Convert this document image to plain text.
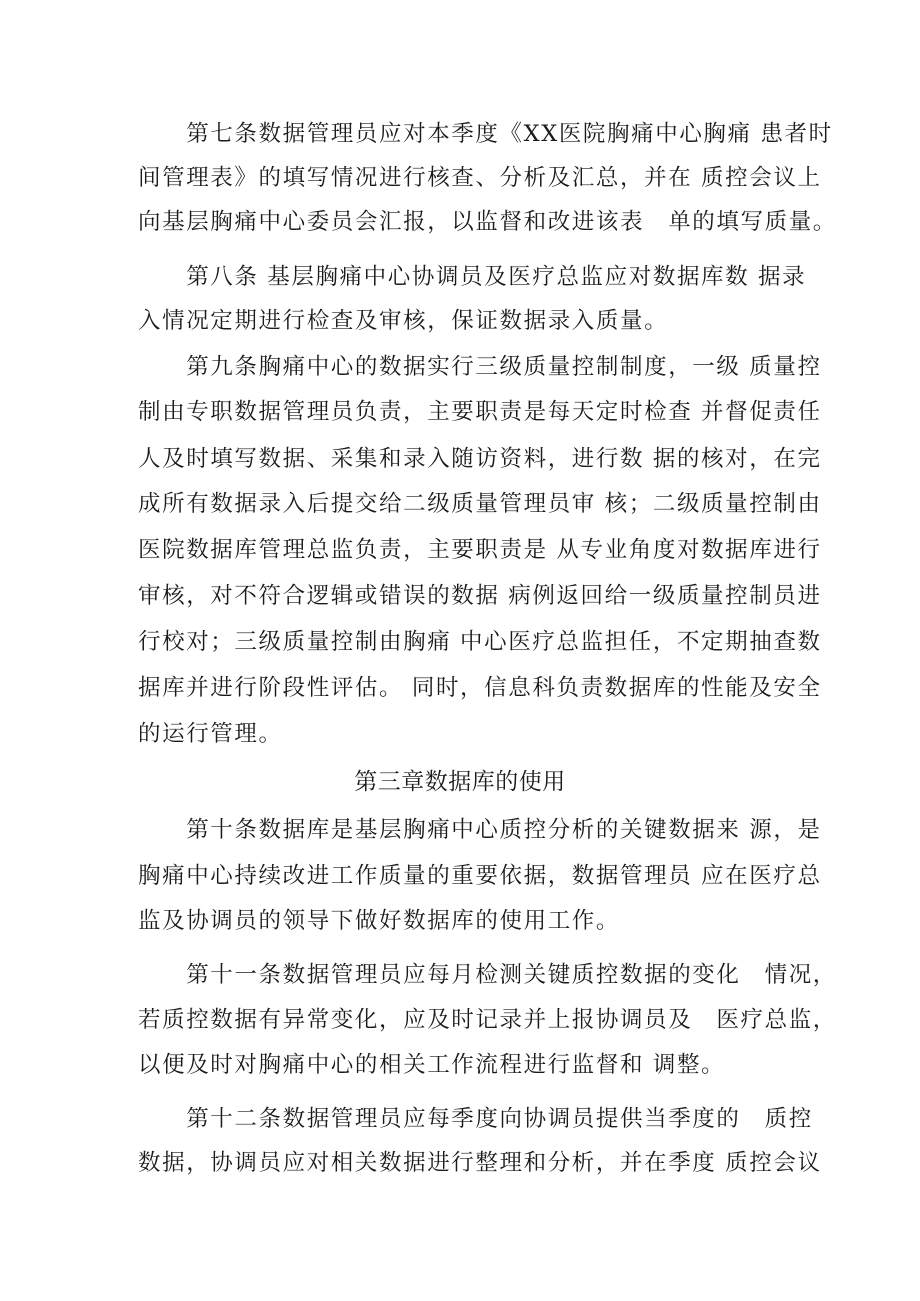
　　第七条数据管理员应对本季度《XX医院胸痛中心胸痛 患者时
间管理表》的填写情况进行核查、分析及汇总，并在 质控会议上
向基层胸痛中心委员会汇报，以监督和改进该表　单的填写质量。
　　第八条 基层胸痛中心协调员及医疗总监应对数据库数 据录
入情况定期进行检查及审核，保证数据录入质量。
　　第九条胸痛中心的数据实行三级质量控制制度，一级 质量控
制由专职数据管理员负责，主要职责是每天定时检查 并督促责任
人及时填写数据、采集和录入随访资料，进行数 据的核对，在完
成所有数据录入后提交给二级质量管理员审 核；二级质量控制由
医院数据库管理总监负责，主要职责是 从专业角度对数据库进行
审核，对不符合逻辑或错误的数据 病例返回给一级质量控制员进
行校对；三级质量控制由胸痛 中心医疗总监担任，不定期抽查数
据库并进行阶段性评估。 同时，信息科负责数据库的性能及安全
的运行管理。
第三章数据库的使用
　　第十条数据库是基层胸痛中心质控分析的关键数据来 源，是
胸痛中心持续改进工作质量的重要依据，数据管理员 应在医疗总
监及协调员的领导下做好数据库的使用工作。
　　第十一条数据管理员应每月检测关键质控数据的变化　情况，
若质控数据有异常变化，应及时记录并上报协调员及　医疗总监，
以便及时对胸痛中心的相关工作流程进行监督和 调整。
　　第十二条数据管理员应每季度向协调员提供当季度的　质控
数据，协调员应对相关数据进行整理和分析，并在季度 质控会议
